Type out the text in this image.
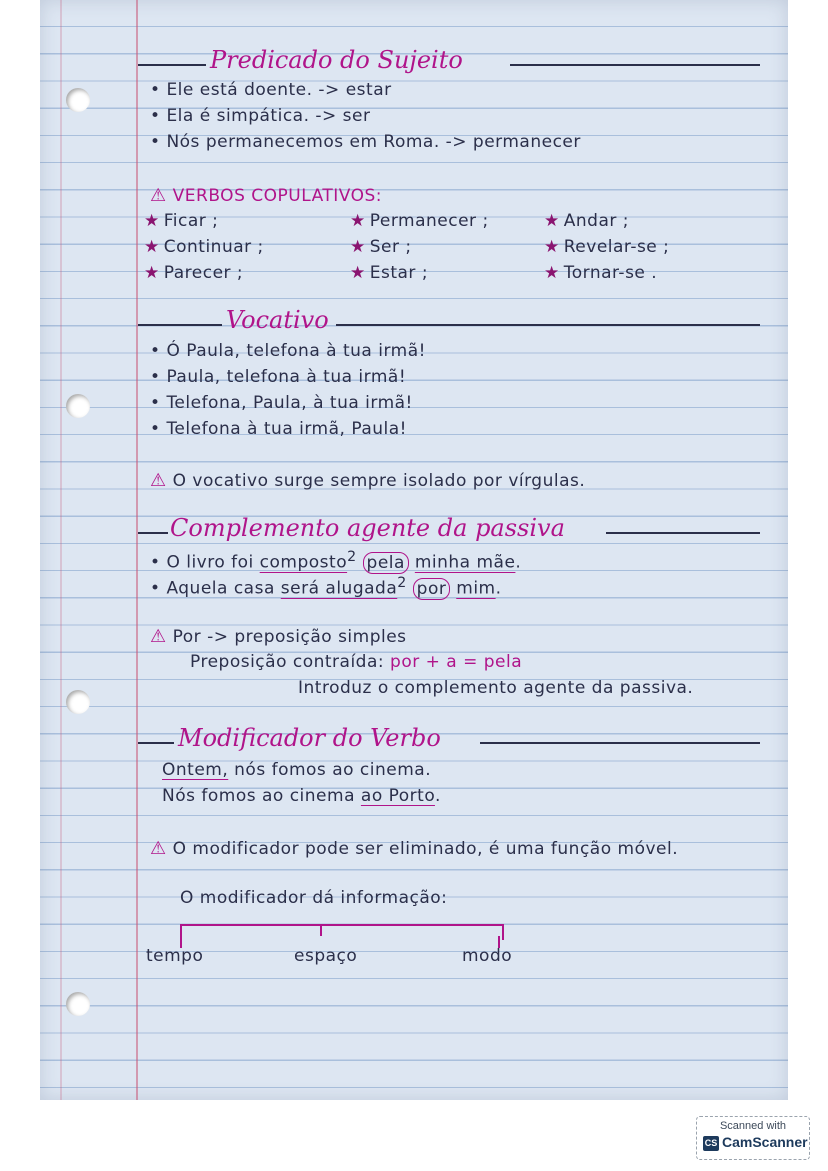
Predicado do Sujeito
• Ele está doente. -> estar
• Ela é simpática. -> ser
• Nós permanecemos em Roma. -> permanecer
⚠ VERBOS COPULATIVOS:
★ Ficar ;	★ Permanecer ;	★ Andar ;
★ Continuar ;	★ Ser ;	★ Revelar-se ;
★ Parecer ;	★ Estar ;	★ Tornar-se .
Vocativo
• Ó Paula, telefona à tua irmã!
• Paula, telefona à tua irmã!
• Telefona, Paula, à tua irmã!
• Telefona à tua irmã, Paula!
⚠ O vocativo surge sempre isolado por vírgulas.
Complemento agente da passiva
• O livro foi composto$^2$ pela minha mãe.
• Aquela casa será alugada$^2$ por mim.
⚠ Por -> preposição simples
Preposição contraída: por + a = pela
Introduz o complemento agente da passiva.
Modificador do Verbo
Ontem, nós fomos ao cinema.
Nós fomos ao cinema ao Porto.
⚠ O modificador pode ser eliminado, é uma função móvel.
O modificador dá informação:
tempo	espaço	modo
Scanned with
CS CamScanner
